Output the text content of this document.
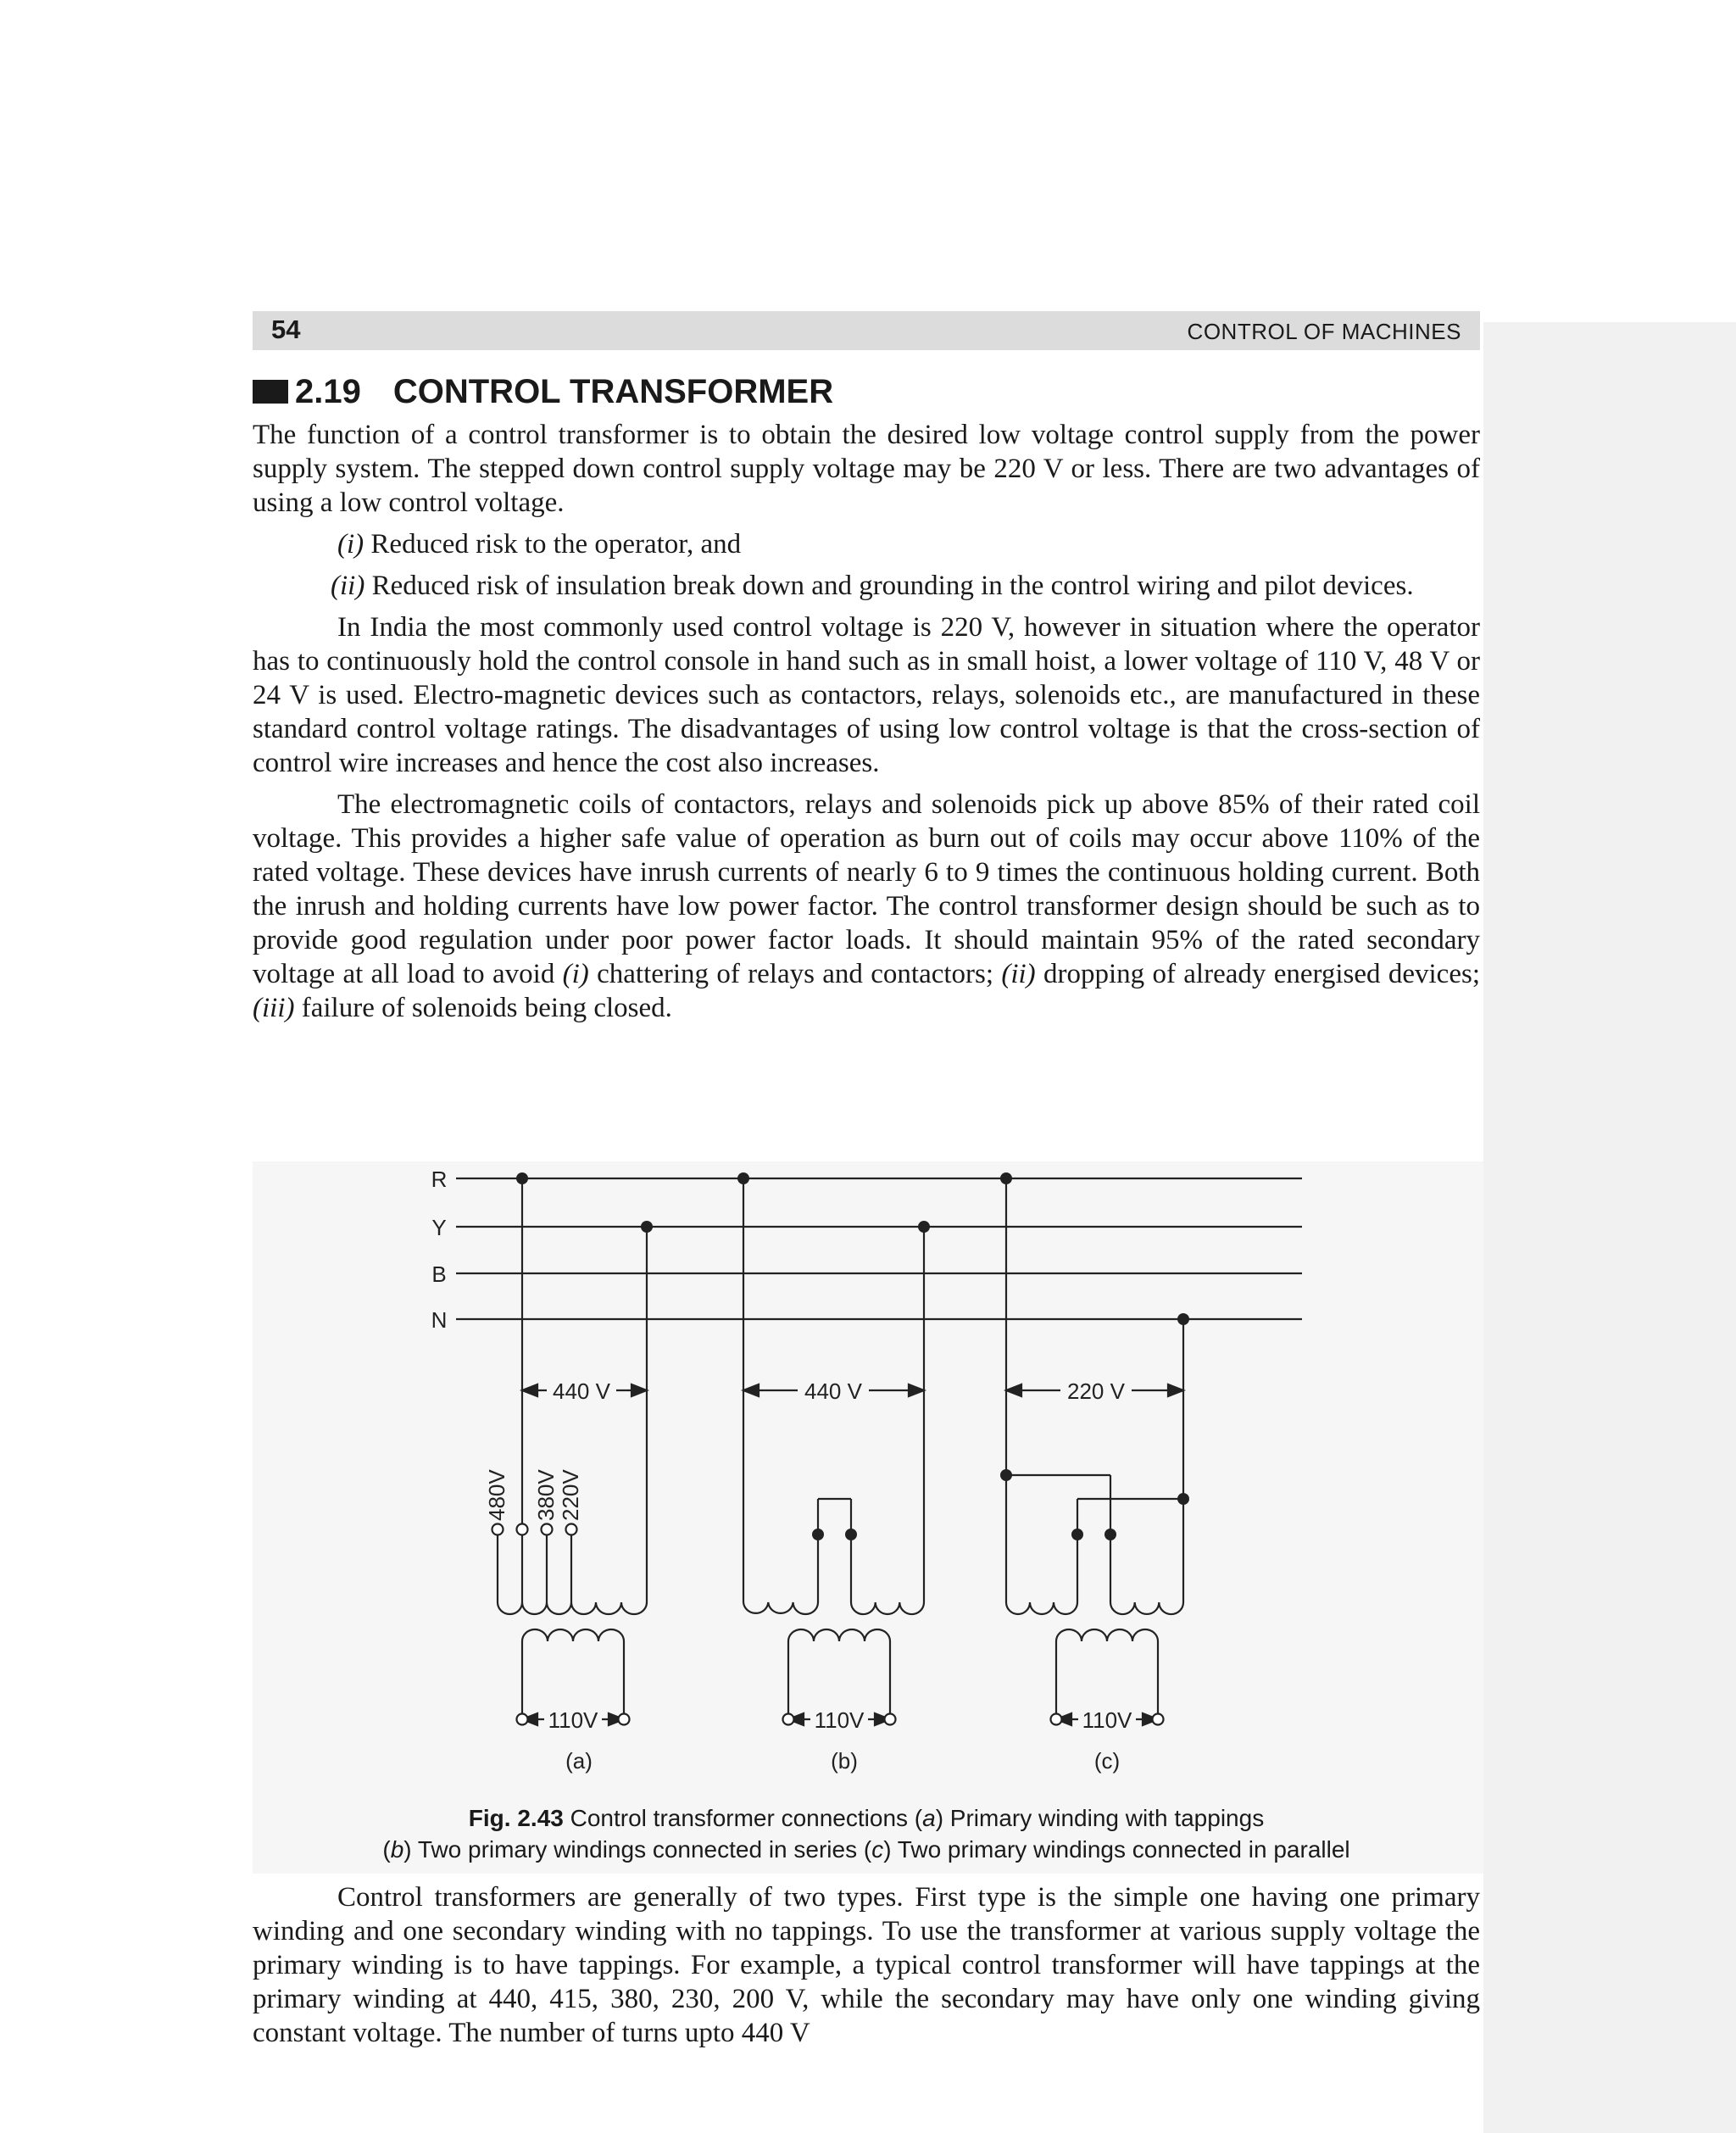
54	CONTROL OF MACHINES
2.19 CONTROL TRANSFORMER

The function of a control transformer is to obtain the desired low voltage control supply from the power supply system. The stepped down control supply voltage may be 220 V or less. There are two advantages of using a low control voltage.

(i) Reduced risk to the operator, and

(ii) Reduced risk of insulation break down and grounding in the control wiring and pilot devices.

In India the most commonly used control voltage is 220 V, however in situation where the operator has to continuously hold the control console in hand such as in small hoist, a lower voltage of 110 V, 48 V or 24 V is used. Electro-magnetic devices such as contactors, relays, solenoids etc., are manufactured in these standard control voltage ratings. The disadvantages of using low control voltage is that the cross-section of control wire increases and hence the cost also increases.

The electromagnetic coils of contactors, relays and solenoids pick up above 85% of their rated coil voltage. This provides a higher safe value of operation as burn out of coils may occur above 110% of the rated voltage. These devices have inrush currents of nearly 6 to 9 times the continuous holding current. Both the inrush and holding currents have low power factor. The control transformer design should be such as to provide good regulation under poor power factor loads. It should maintain 95% of the rated secondary voltage at all load to avoid (i) chattering of relays and contactors; (ii) dropping of already energised devices; (iii) failure of solenoids being closed.

R
Y
B
N
440 V	440 V	220 V
480V 380V 220V
110V	110V	110V
(a)	(b)	(c)
Fig. 2.43 Control transformer connections (a) Primary winding with tappings
(b) Two primary windings connected in series (c) Two primary windings connected in parallel

Control transformers are generally of two types. First type is the simple one having one primary winding and one secondary winding with no tappings. To use the transformer at various supply voltage the primary winding is to have tappings. For example, a typical control transformer will have tappings at the primary winding at 440, 415, 380, 230, 200 V, while the secondary may have only one winding giving constant voltage. The number of turns upto 440 V
